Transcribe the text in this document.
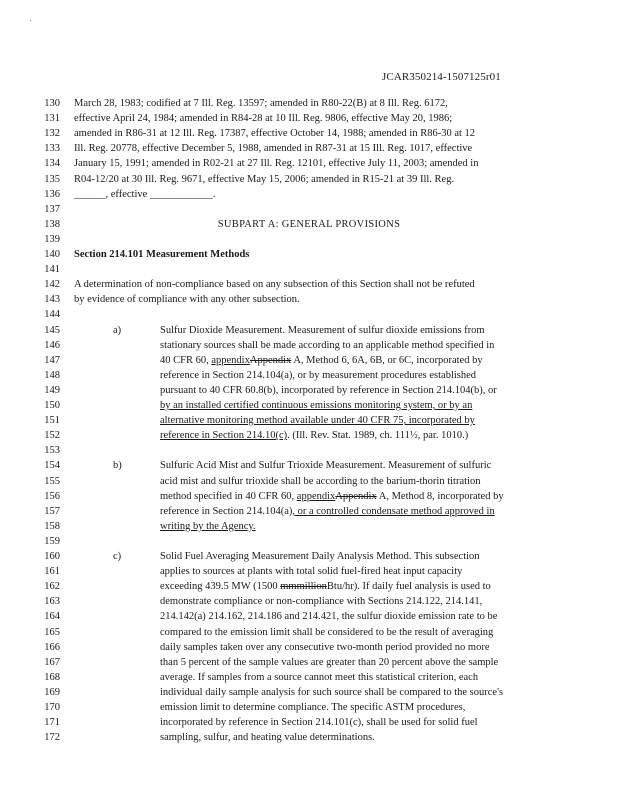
'
JCAR350214-1507125r01
130 March 28, 1983; codified at 7 Ill. Reg. 13597; amended in R80-22(B) at 8 Ill. Reg. 6172,
131 effective April 24, 1984; amended in R84-28 at 10 Ill. Reg. 9806, effective May 20, 1986;
132 amended in R86-31 at 12 Ill. Reg. 17387, effective October 14, 1988; amended in R86-30 at 12
133 Ill. Reg. 20778, effective December 5, 1988, amended in R87-31 at 15 Ill. Reg. 1017, effective
134 January 15, 1991; amended in R02-21 at 27 Ill. Reg. 12101, effective July 11, 2003; amended in
135 R04-12/20 at 30 Ill. Reg. 9671, effective May 15, 2006; amended in R15-21 at 39 Ill. Reg.
136 ______, effective ____________.
137
138	SUBPART A: GENERAL PROVISIONS
139
140 Section 214.101 Measurement Methods
141
142 A determination of non-compliance based on any subsection of this Section shall not be refuted
143 by evidence of compliance with any other subsection.
144
145	a)	Sulfur Dioxide Measurement. Measurement of sulfur dioxide emissions from
146	stationary sources shall be made according to an applicable method specified in
147	40 CFR 60, appendixAppendix A, Method 6, 6A, 6B, or 6C, incorporated by
148	reference in Section 214.104(a), or by measurement procedures established
149	pursuant to 40 CFR 60.8(b), incorporated by reference in Section 214.104(b), or
150	by an installed certified continuous emissions monitoring system, or by an
151	alternative monitoring method available under 40 CFR 75, incorporated by
152	reference in Section 214.10(c). (Ill. Rev. Stat. 1989, ch. 111½, par. 1010.)
153
154	b)	Sulfuric Acid Mist and Sulfur Trioxide Measurement. Measurement of sulfuric
155	acid mist and sulfur trioxide shall be according to the barium-thorin titration
156	method specified in 40 CFR 60, appendixAppendix A, Method 8, incorporated by
157	reference in Section 214.104(a), or a controlled condensate method approved in
158	writing by the Agency.
159
160	c)	Solid Fuel Averaging Measurement Daily Analysis Method. This subsection
161	applies to sources at plants with total solid fuel-fired heat input capacity
162	exceeding 439.5 MW (1500 mmmillionBtu/hr). If daily fuel analysis is used to
163	demonstrate compliance or non-compliance with Sections 214.122, 214.141,
164	214.142(a) 214.162, 214.186 and 214.421, the sulfur dioxide emission rate to be
165	compared to the emission limit shall be considered to be the result of averaging
166	daily samples taken over any consecutive two-month period provided no more
167	than 5 percent of the sample values are greater than 20 percent above the sample
168	average. If samples from a source cannot meet this statistical criterion, each
169	individual daily sample analysis for such source shall be compared to the source's
170	emission limit to determine compliance. The specific ASTM procedures,
171	incorporated by reference in Section 214.101(c), shall be used for solid fuel
172	sampling, sulfur, and heating value determinations.
